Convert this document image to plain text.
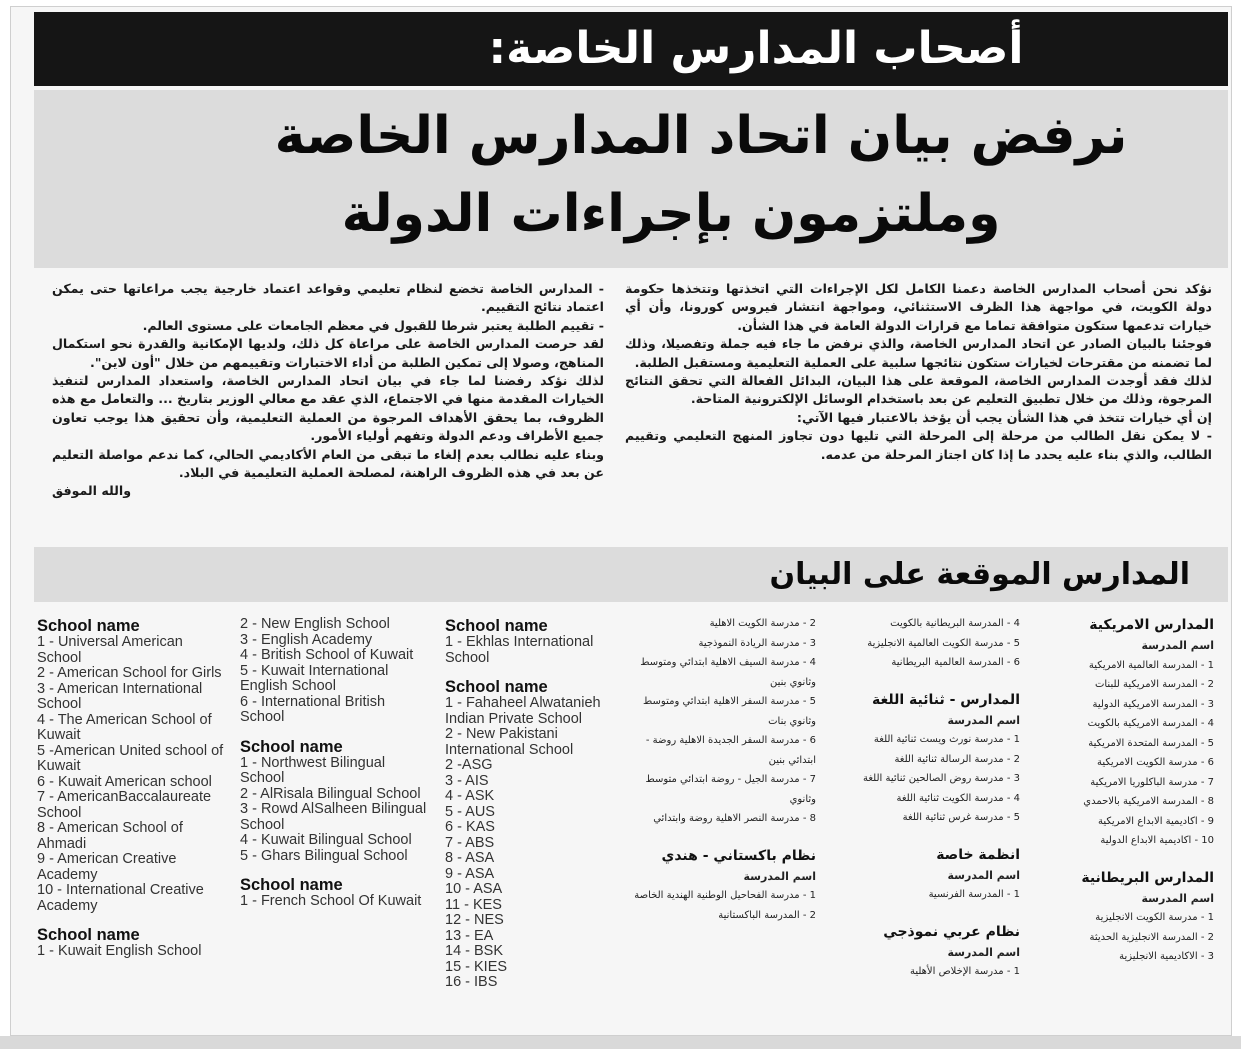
أصحاب المدارس الخاصة:
نرفض بيان اتحاد المدارس الخاصة
وملتزمون بإجراءات الدولة

نؤكد نحن أصحاب المدارس الخاصة دعمنا الكامل لكل الإجراءات التي اتخذتها وتتخذها حكومة دولة الكويت، في مواجهة هذا الظرف الاستثنائي، ومواجهة انتشار فيروس كورونا، وأن أي خيارات تدعمها ستكون متوافقة تماما مع قرارات الدولة العامة في هذا الشأن.

فوجئنا بالبيان الصادر عن اتحاد المدارس الخاصة، والذي نرفض ما جاء فيه جملة وتفصيلا، وذلك لما تضمنه من مقترحات لخيارات ستكون نتائجها سلبية على العملية التعليمية ومستقبل الطلبة.

لذلك فقد أوجدت المدارس الخاصة، الموقعة على هذا البيان، البدائل الفعالة التي تحقق النتائج المرجوة، وذلك من خلال تطبيق التعليم عن بعد باستخدام الوسائل الإلكترونية المتاحة.

إن أي خيارات تتخذ في هذا الشأن يجب أن يؤخذ بالاعتبار فيها الآتي:

- لا يمكن نقل الطالب من مرحلة إلى المرحلة التي تليها دون تجاوز المنهج التعليمي وتقييم الطالب، والذي بناء عليه يحدد ما إذا كان اجتاز المرحلة من عدمه.

- المدارس الخاصة تخضع لنظام تعليمي وقواعد اعتماد خارجية يجب مراعاتها حتى يمكن اعتماد نتائج التقييم.

- تقييم الطلبة يعتبر شرطا للقبول في معظم الجامعات على مستوى العالم.

لقد حرصت المدارس الخاصة على مراعاة كل ذلك، ولديها الإمكانية والقدرة نحو استكمال المناهج، وصولا إلى تمكين الطلبة من أداء الاختبارات وتقييمهم من خلال "أون لاين".

لذلك نؤكد رفضنا لما جاء في بيان اتحاد المدارس الخاصة، واستعداد المدارس لتنفيذ الخيارات المقدمة منها في الاجتماع، الذي عقد مع معالي الوزير بتاريخ ... والتعامل مع هذه الظروف، بما يحقق الأهداف المرجوة من العملية التعليمية، وأن تحقيق هذا يوجب تعاون جميع الأطراف ودعم الدولة وتفهم أولياء الأمور.

وبناء عليه نطالب بعدم إلغاء ما تبقى من العام الأكاديمي الحالي، كما ندعم مواصلة التعليم عن بعد في هذه الظروف الراهنة، لمصلحة العملية التعليمية في البلاد.

والله الموفق

المدارس الموقعة على البيان
School name
1 - Universal American School
2 - American School for Girls
3 - American International School
4 - The American School of Kuwait
5 -American United school of Kuwait
6 - Kuwait American school
7 - AmericanBaccalaureate School
8 - American School of Ahmadi
9 - American Creative Academy
10 - International Creative Academy
School name
1 - Kuwait English School
2 - New English School
3 - English Academy
4 - British School of Kuwait
5 - Kuwait International English School
6 - International British School
School name
1 - Northwest Bilingual School
2 - AlRisala Bilingual School
3 - Rowd AlSalheen Bilingual School
4 - Kuwait Bilingual School
5 - Ghars Bilingual School
School name
1 - French School Of Kuwait
School name
1 - Ekhlas International School
School name
1 - Fahaheel Alwatanieh Indian Private School
2 - New Pakistani International School
2 -ASG
3 - AIS
4 - ASK
5 - AUS
6 - KAS
7 - ABS
8 - ASA
9 - ASA
10 - ASA
11 - KES
12 - NES
13 - EA
14 - BSK
15 - KIES
16 - IBS
2 - مدرسة الكويت الاهلية
3 - مدرسة الريادة النموذجية
4 - مدرسة السيف الاهلية ابتدائي ومتوسط وثانوي بنين
5 - مدرسة السفر الاهلية ابتدائي ومتوسط وثانوي بنات
6 - مدرسة السفر الجديدة الاهلية روضة - ابتدائي بنين
7 - مدرسة الجيل - روضة ابتدائي متوسط وثانوي
8 - مدرسة النصر الاهلية روضة وابتدائي
نظام باكستاني - هندي
اسم المدرسة
1 - مدرسة الفحاحيل الوطنية الهندية الخاصة
2 - المدرسة الباكستانية
4 - المدرسة البريطانية بالكويت
5 - مدرسة الكويت العالمية الانجليزية
6 - المدرسة العالمية البريطانية
المدارس - ثنائية اللغة
اسم المدرسة
1 - مدرسة نورث ويست ثنائية اللغة
2 - مدرسة الرسالة ثنائية اللغة
3 - مدرسة روض الصالحين ثنائية اللغة
4 - مدرسة الكويت ثنائية اللغة
5 - مدرسة غرس ثنائية اللغة
انظمة خاصة
اسم المدرسة
1 - المدرسة الفرنسية
نظام عربي نموذجي
اسم المدرسة
1 - مدرسة الإخلاص الأهلية
المدارس الامريكية
اسم المدرسة
1 - المدرسة العالمية الامريكية
2 - المدرسة الامريكية للبنات
3 - المدرسة الامريكية الدولية
4 - المدرسة الامريكية بالكويت
5 - المدرسة المتحدة الامريكية
6 - مدرسة الكويت الامريكية
7 - مدرسة الباكلوريا الامريكية
8 - المدرسة الامريكية بالاحمدي
9 - اكاديمية الابداع الامريكية
10 - اكاديمية الابداع الدولية
المدارس البريطانية
اسم المدرسة
1 - مدرسة الكويت الانجليزية
2 - المدرسة الانجليزية الحديثة
3 - الاكاديمية الانجليزية
